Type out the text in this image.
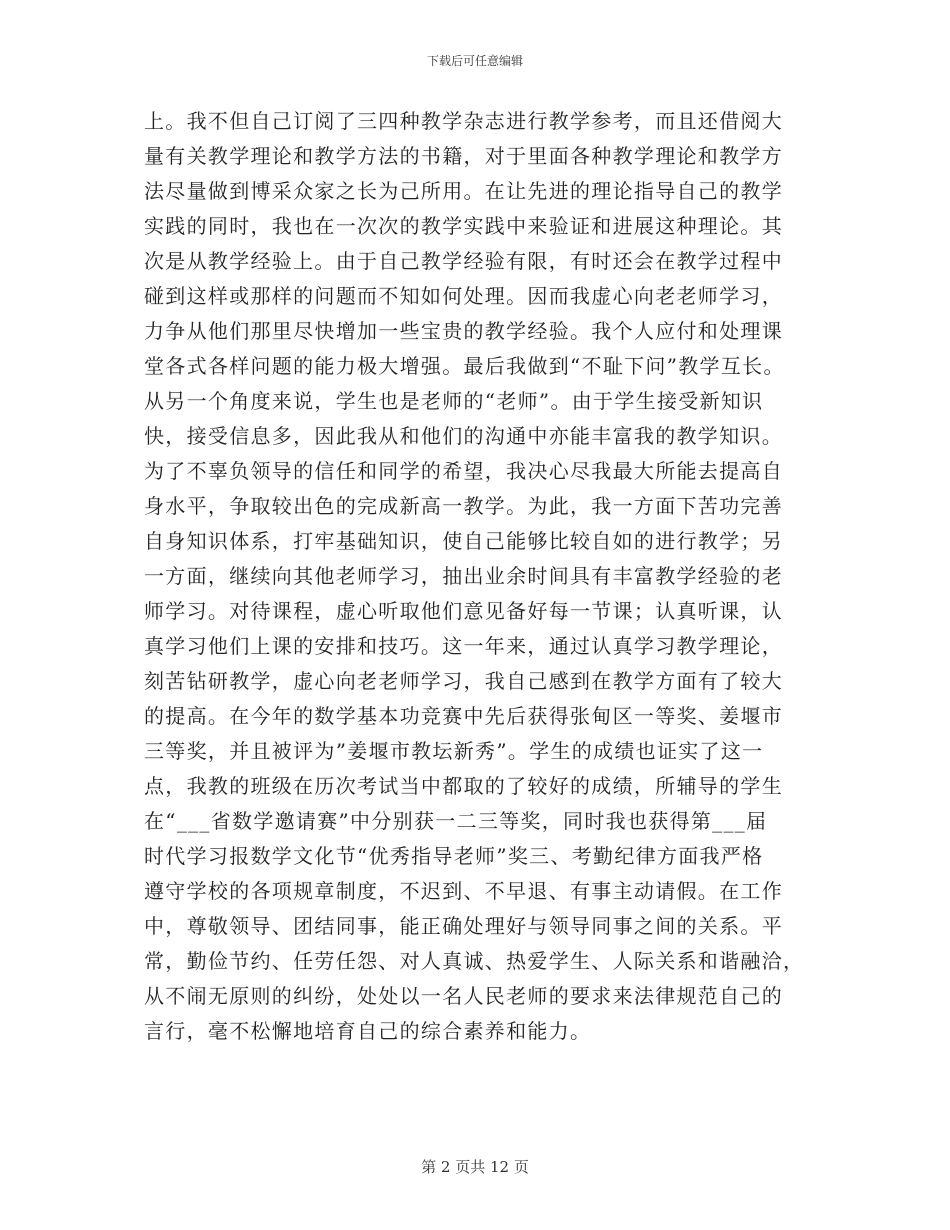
下载后可任意编辑
上。我不但自己订阅了三四种教学杂志进行教学参考，而且还借阅大
量有关教学理论和教学方法的书籍，对于里面各种教学理论和教学方
法尽量做到博采众家之长为己所用。在让先进的理论指导自己的教学
实践的同时，我也在一次次的教学实践中来验证和进展这种理论。其
次是从教学经验上。由于自己教学经验有限，有时还会在教学过程中
碰到这样或那样的问题而不知如何处理。因而我虚心向老老师学习，
力争从他们那里尽快增加一些宝贵的教学经验。我个人应付和处理课
堂各式各样问题的能力极大增强。最后我做到“不耻下问”教学互长。
从另一个角度来说，学生也是老师的“老师”。由于学生接受新知识
快，接受信息多，因此我从和他们的沟通中亦能丰富我的教学知识。
为了不辜负领导的信任和同学的希望，我决心尽我最大所能去提高自
身水平，争取较出色的完成新高一教学。为此，我一方面下苦功完善
自身知识体系，打牢基础知识，使自己能够比较自如的进行教学；另
一方面，继续向其他老师学习，抽出业余时间具有丰富教学经验的老
师学习。对待课程，虚心听取他们意见备好每一节课；认真听课，认
真学习他们上课的安排和技巧。这一年来，通过认真学习教学理论，
刻苦钻研教学，虚心向老老师学习，我自己感到在教学方面有了较大
的提高。在今年的数学基本功竞赛中先后获得张甸区一等奖、姜堰市
三等奖，并且被评为”姜堰市教坛新秀”。学生的成绩也证实了这一
点，我教的班级在历次考试当中都取的了较好的成绩，所辅导的学生
在“___省数学邀请赛”中分别获一二三等奖，同时我也获得第___届
时代学习报数学文化节“优秀指导老师”奖三、考勤纪律方面我严格
遵守学校的各项规章制度，不迟到、不早退、有事主动请假。在工作
中，尊敬领导、团结同事，能正确处理好与领导同事之间的关系。平
常，勤俭节约、任劳任怨、对人真诚、热爱学生、人际关系和谐融洽，
从不闹无原则的纠纷，处处以一名人民老师的要求来法律规范自己的
言行，毫不松懈地培育自己的综合素养和能力。
第 2 页共 12 页
